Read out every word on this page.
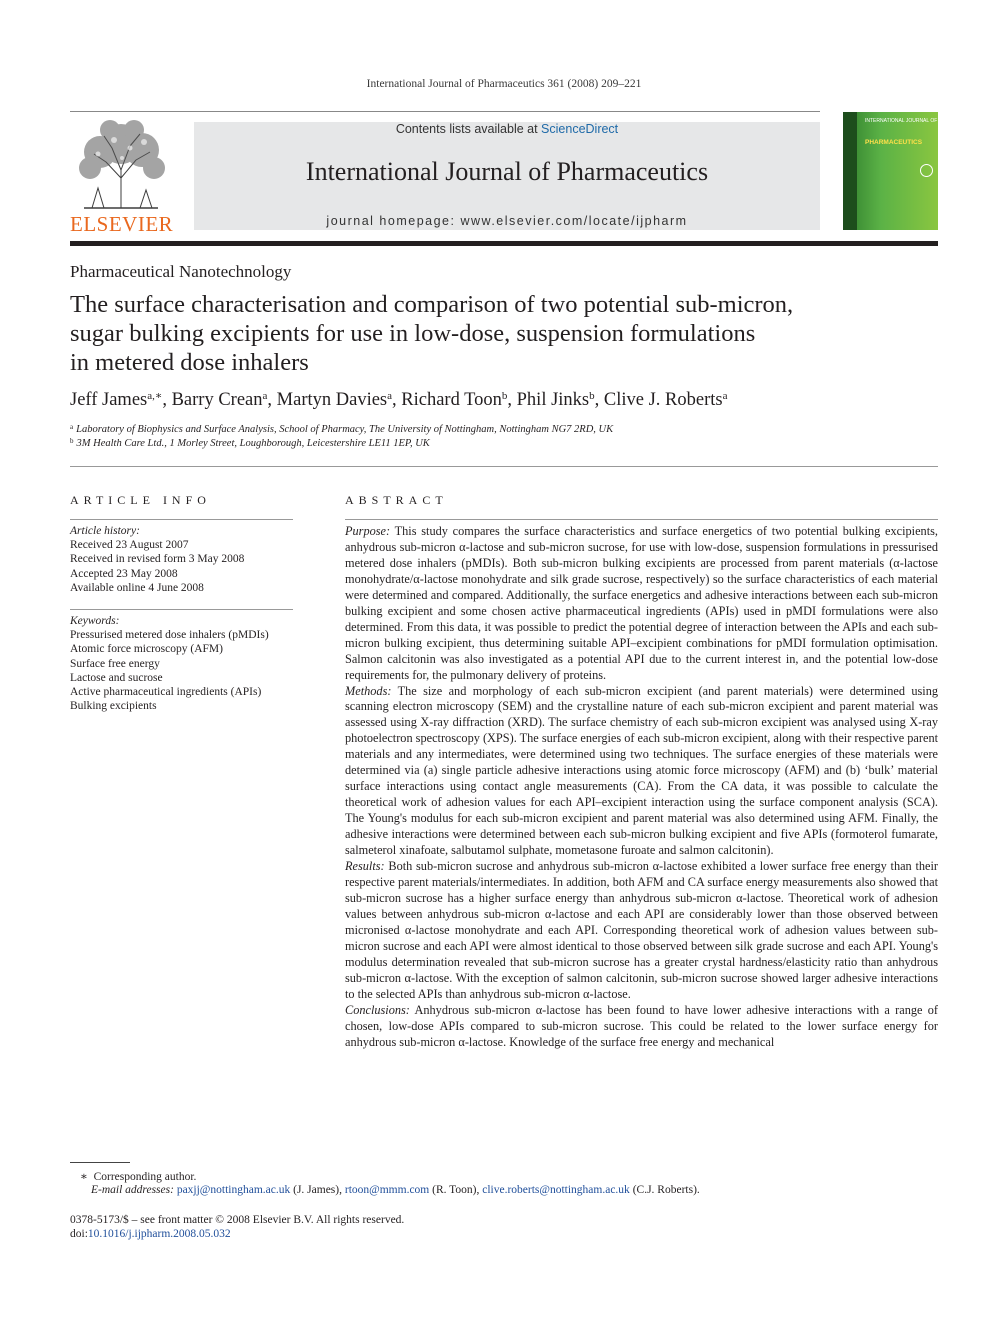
International Journal of Pharmaceutics 361 (2008) 209–221
ELSEVIER
Contents lists available at ScienceDirect
International Journal of Pharmaceutics
journal homepage: www.elsevier.com/locate/ijpharm
INTERNATIONAL JOURNAL OF
PHARMACEUTICS
Pharmaceutical Nanotechnology
The surface characterisation and comparison of two potential sub-micron,
sugar bulking excipients for use in low-dose, suspension formulations
in metered dose inhalers
Jeff James$^{a,∗}$, Barry Crean$^a$, Martyn Davies$^a$, Richard Toon$^b$, Phil Jinks$^b$, Clive J. Roberts$^a$
$^a$ Laboratory of Biophysics and Surface Analysis, School of Pharmacy, The University of Nottingham, Nottingham NG7 2RD, UK
$^b$ 3M Health Care Ltd., 1 Morley Street, Loughborough, Leicestershire LE11 1EP, UK
ARTICLE INFO
Article history:
Received 23 August 2007
Received in revised form 3 May 2008
Accepted 23 May 2008
Available online 4 June 2008
Keywords:
Pressurised metered dose inhalers (pMDIs)
Atomic force microscopy (AFM)
Surface free energy
Lactose and sucrose
Active pharmaceutical ingredients (APIs)
Bulking excipients
ABSTRACT

Purpose: This study compares the surface characteristics and surface energetics of two potential bulking excipients, anhydrous sub-micron α-lactose and sub-micron sucrose, for use with low-dose, suspension formulations in pressurised metered dose inhalers (pMDIs). Both sub-micron bulking excipients are processed from parent materials (α-lactose monohydrate/α-lactose monohydrate and silk grade sucrose, respectively) so the surface characteristics of each material were determined and compared. Additionally, the surface energetics and adhesive interactions between each sub-micron bulking excipient and some chosen active pharmaceutical ingredients (APIs) used in pMDI formulations were also determined. From this data, it was possible to predict the potential degree of interaction between the APIs and each sub-micron bulking excipient, thus determining suitable API–excipient combinations for pMDI formulation optimisation. Salmon calcitonin was also investigated as a potential API due to the current interest in, and the potential low-dose requirements for, the pulmonary delivery of proteins.

Methods: The size and morphology of each sub-micron excipient (and parent materials) were determined using scanning electron microscopy (SEM) and the crystalline nature of each sub-micron excipient and parent material was assessed using X-ray diffraction (XRD). The surface chemistry of each sub-micron excipient was analysed using X-ray photoelectron spectroscopy (XPS). The surface energies of each sub-micron excipient, along with their respective parent materials and any intermediates, were determined using two techniques. The surface energies of these materials were determined via (a) single particle adhesive interactions using atomic force microscopy (AFM) and (b) ‘bulk’ material surface interactions using contact angle measurements (CA). From the CA data, it was possible to calculate the theoretical work of adhesion values for each API–excipient interaction using the surface component analysis (SCA). The Young's modulus for each sub-micron excipient and parent material was also determined using AFM. Finally, the adhesive interactions were determined between each sub-micron bulking excipient and five APIs (formoterol fumarate, salmeterol xinafoate, salbutamol sulphate, mometasone furoate and salmon calcitonin).

Results: Both sub-micron sucrose and anhydrous sub-micron α-lactose exhibited a lower surface free energy than their respective parent materials/intermediates. In addition, both AFM and CA surface energy measurements also showed that sub-micron sucrose has a higher surface energy than anhydrous sub-micron α-lactose. Theoretical work of adhesion values between anhydrous sub-micron α-lactose and each API are considerably lower than those observed between micronised α-lactose monohydrate and each API. Corresponding theoretical work of adhesion values between sub-micron sucrose and each API were almost identical to those observed between silk grade sucrose and each API. Young's modulus determination revealed that sub-micron sucrose has a greater crystal hardness/elasticity ratio than anhydrous sub-micron α-lactose. With the exception of salmon calcitonin, sub-micron sucrose showed larger adhesive interactions to the selected APIs than anhydrous sub-micron α-lactose.

Conclusions: Anhydrous sub-micron α-lactose has been found to have lower adhesive interactions with a range of chosen, low-dose APIs compared to sub-micron sucrose. This could be related to the lower surface energy for anhydrous sub-micron α-lactose. Knowledge of the surface free energy and mechanical

∗ Corresponding author.
E-mail addresses: paxjj@nottingham.ac.uk (J. James), rtoon@mmm.com (R. Toon), clive.roberts@nottingham.ac.uk (C.J. Roberts).
0378-5173/$ – see front matter © 2008 Elsevier B.V. All rights reserved.
doi:10.1016/j.ijpharm.2008.05.032
